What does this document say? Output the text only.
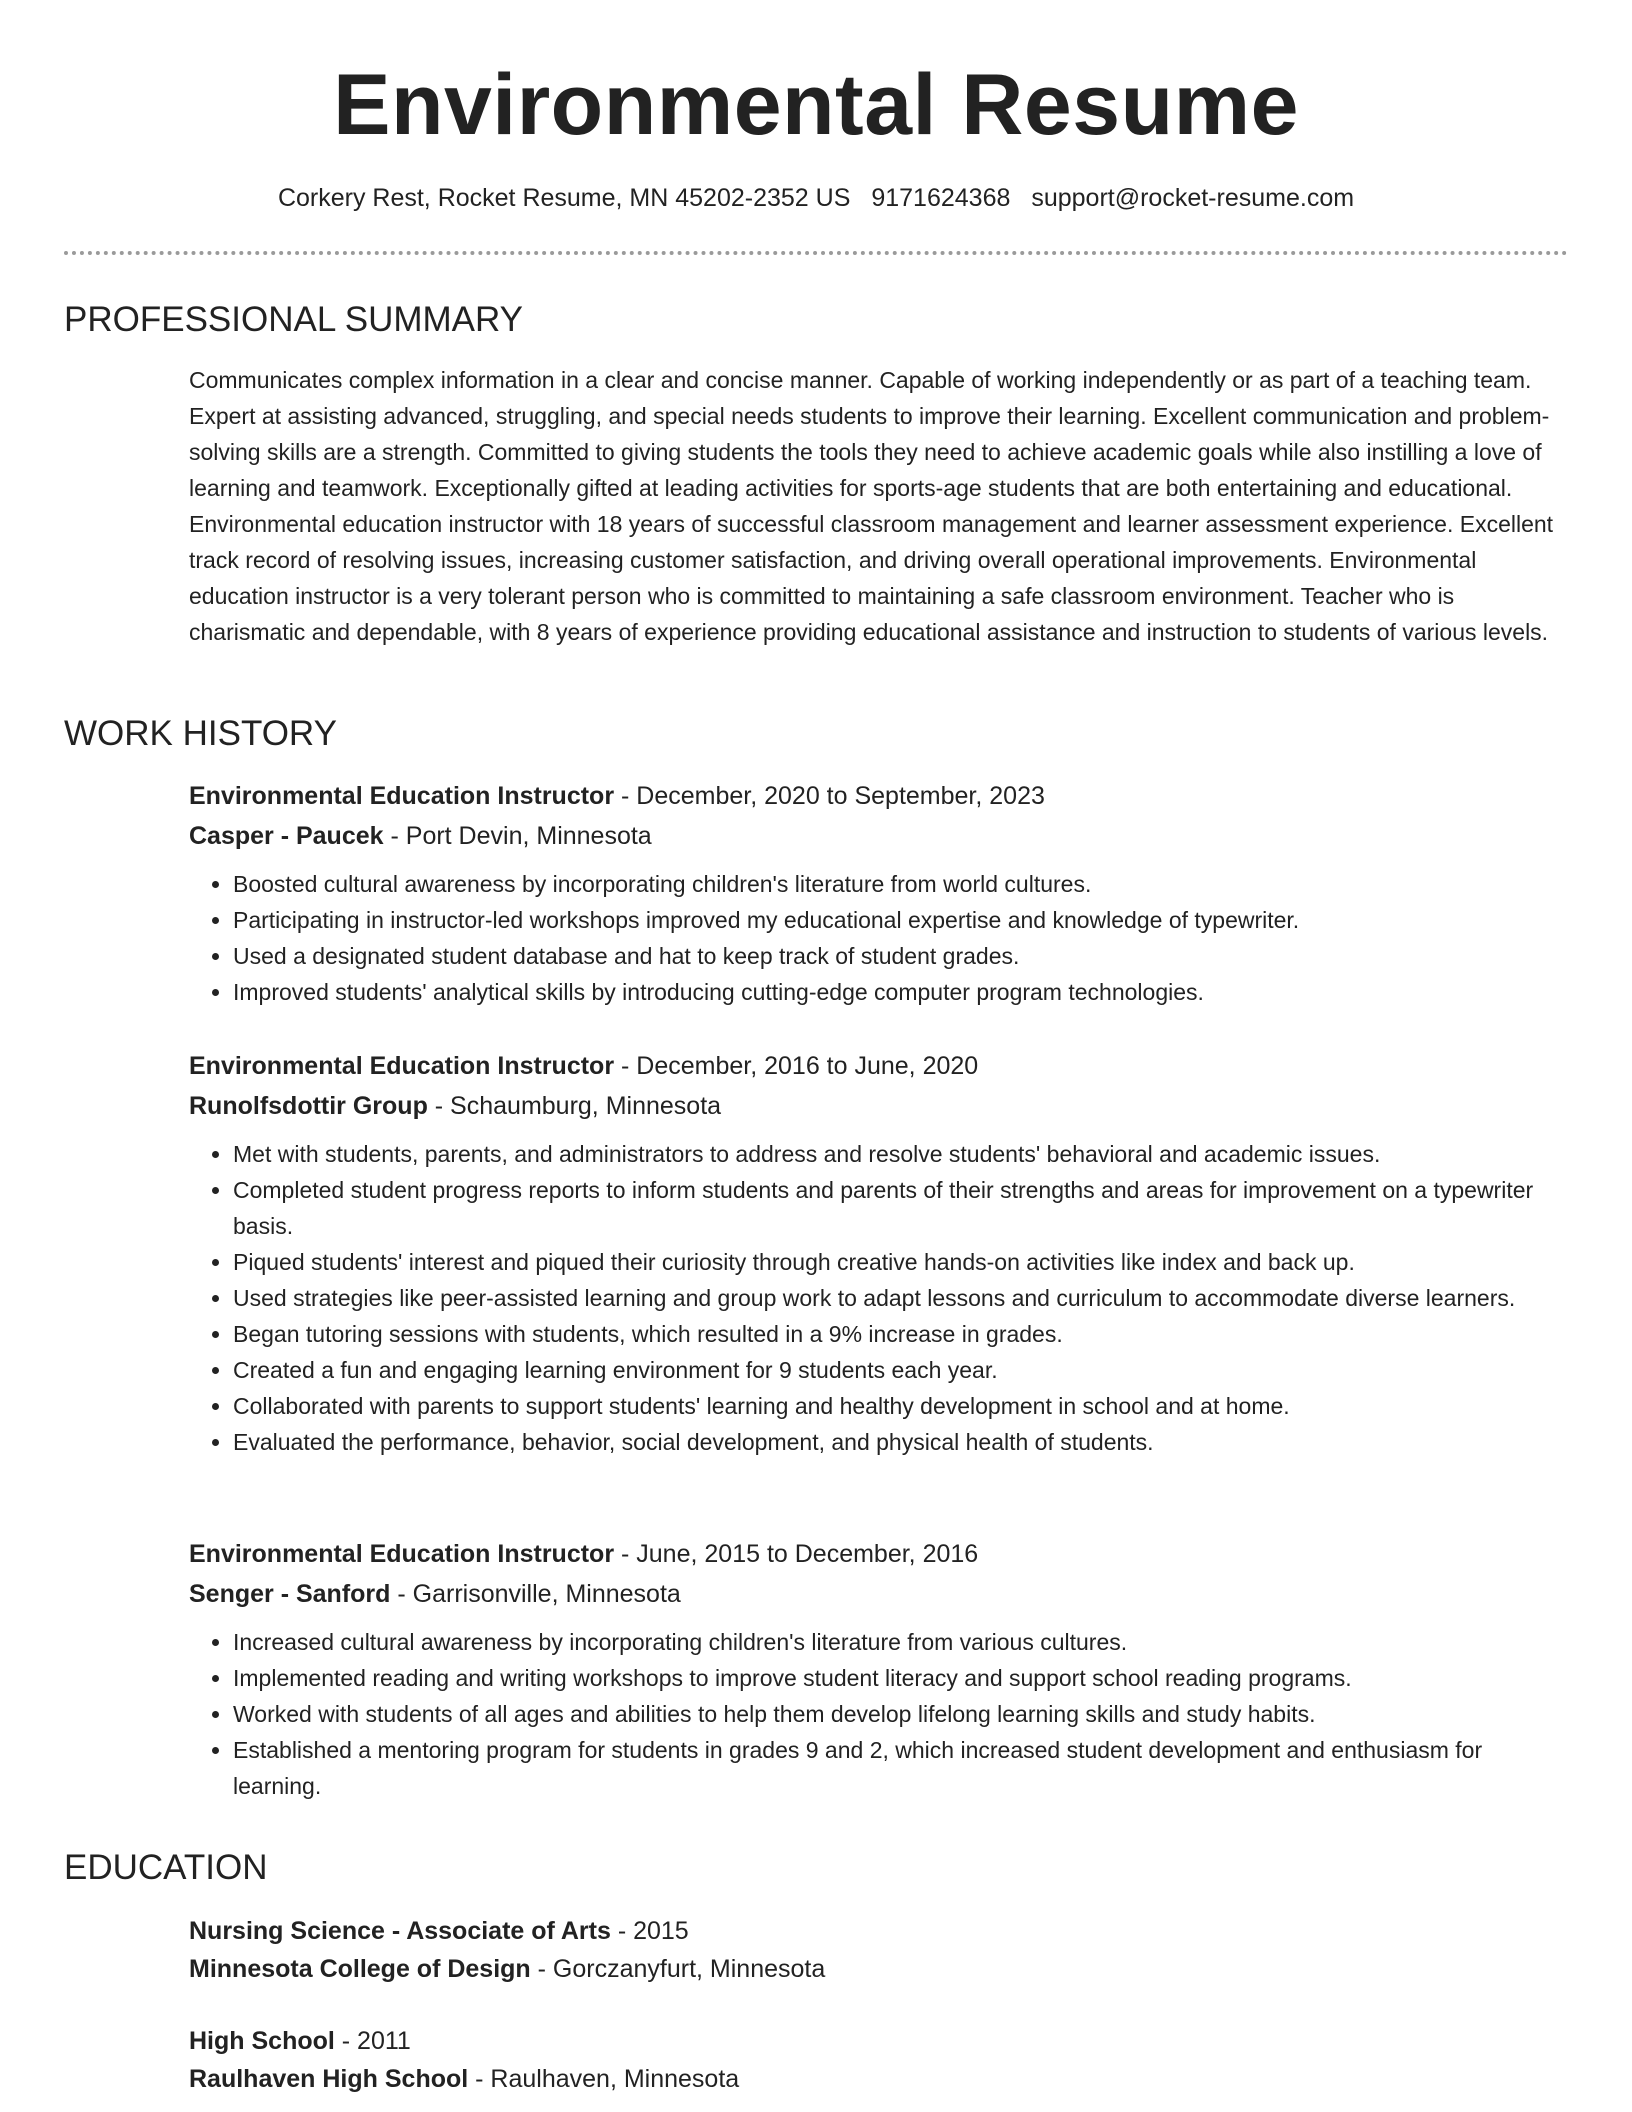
Environmental Resume
Corkery Rest, Rocket Resume, MN 45202-2352 US 9171624368 support@rocket-resume.com
PROFESSIONAL SUMMARY

Communicates complex information in a clear and concise manner. Capable of working independently or as part of a teaching team. Expert at assisting advanced, struggling, and special needs students to improve their learning. Excellent communication and problem-solving skills are a strength. Committed to giving students the tools they need to achieve academic goals while also instilling a love of learning and teamwork. Exceptionally gifted at leading activities for sports-age students that are both entertaining and educational. Environmental education instructor with 18 years of successful classroom management and learner assessment experience. Excellent track record of resolving issues, increasing customer satisfaction, and driving overall operational improvements. Environmental education instructor is a very tolerant person who is committed to maintaining a safe classroom environment. Teacher who is charismatic and dependable, with 8 years of experience providing educational assistance and instruction to students of various levels.

WORK HISTORY

Environmental Education Instructor - December, 2020 to September, 2023

Casper - Paucek - Port Devin, Minnesota

• Boosted cultural awareness by incorporating children's literature from world cultures.
• Participating in instructor-led workshops improved my educational expertise and knowledge of typewriter.
• Used a designated student database and hat to keep track of student grades.
• Improved students' analytical skills by introducing cutting-edge computer program technologies.

Environmental Education Instructor - December, 2016 to June, 2020

Runolfsdottir Group - Schaumburg, Minnesota

• Met with students, parents, and administrators to address and resolve students' behavioral and academic issues.
• Completed student progress reports to inform students and parents of their strengths and areas for improvement on a typewriter basis.
• Piqued students' interest and piqued their curiosity through creative hands-on activities like index and back up.
• Used strategies like peer-assisted learning and group work to adapt lessons and curriculum to accommodate diverse learners.
• Began tutoring sessions with students, which resulted in a 9% increase in grades.
• Created a fun and engaging learning environment for 9 students each year.
• Collaborated with parents to support students' learning and healthy development in school and at home.
• Evaluated the performance, behavior, social development, and physical health of students.

Environmental Education Instructor - June, 2015 to December, 2016

Senger - Sanford - Garrisonville, Minnesota

• Increased cultural awareness by incorporating children's literature from various cultures.
• Implemented reading and writing workshops to improve student literacy and support school reading programs.
• Worked with students of all ages and abilities to help them develop lifelong learning skills and study habits.
• Established a mentoring program for students in grades 9 and 2, which increased student development and enthusiasm for learning.
EDUCATION

Nursing Science - Associate of Arts - 2015

Minnesota College of Design - Gorczanyfurt, Minnesota

High School - 2011

Raulhaven High School - Raulhaven, Minnesota
